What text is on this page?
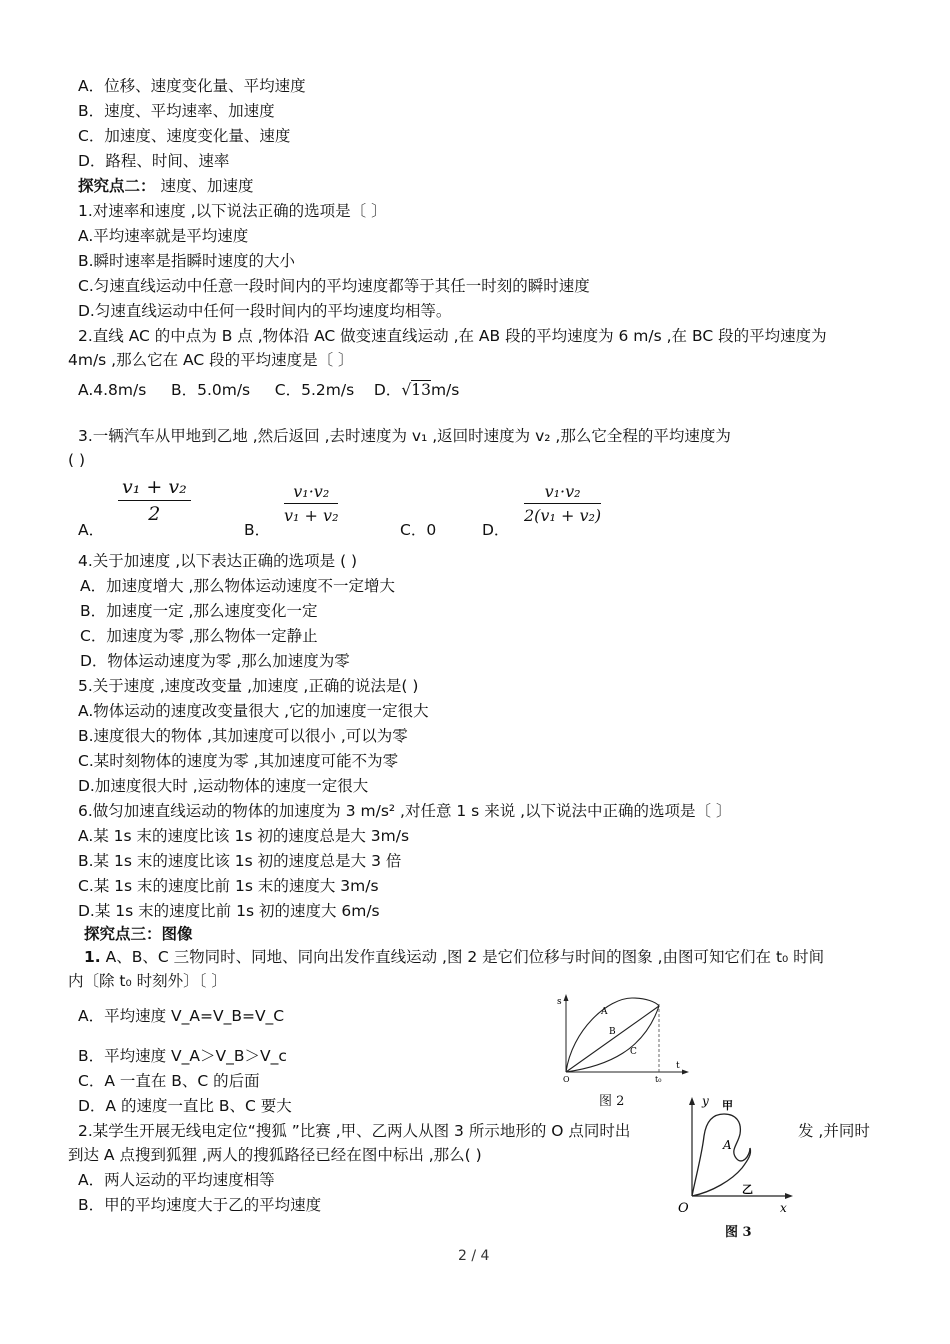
A．位移、速度变化量、平均速度
B．速度、平均速率、加速度
C．加速度、速度变化量、速度
D．路程、时间、速率
探究点二： 速度、加速度
1.对速率和速度 ,以下说法正确的选项是〔 〕
A.平均速率就是平均速度
B.瞬时速率是指瞬时速度的大小
C.匀速直线运动中任意一段时间内的平均速度都等于其任一时刻的瞬时速度
D.匀速直线运动中任何一段时间内的平均速度均相等。
2.直线 AC 的中点为 B 点 ,物体沿 AC 做变速直线运动 ,在 AB 段的平均速度为 6 m/s ,在 BC 段的平均速度为
4m/s ,那么它在 AC 段的平均速度是〔 〕
A.4.8m/s B．5.0m/s C．5.2m/s D．√13m/s
3.一辆汽车从甲地到乙地 ,然后返回 ,去时速度为 v₁ ,返回时速度为 v₂ ,那么它全程的平均速度为
( )
A．
v₁ + v₂
2
B．
v₁·v₂
v₁ + v₂
C．0	D．
v₁·v₂
2(v₁ + v₂)
4.关于加速度 ,以下表达正确的选项是 ( )
A．加速度增大 ,那么物体运动速度不一定增大
B．加速度一定 ,那么速度变化一定
C．加速度为零 ,那么物体一定静止
D．物体运动速度为零 ,那么加速度为零
5.关于速度 ,速度改变量 ,加速度 ,正确的说法是( )
A.物体运动的速度改变量很大 ,它的加速度一定很大
B.速度很大的物体 ,其加速度可以很小 ,可以为零
C.某时刻物体的速度为零 ,其加速度可能不为零
D.加速度很大时 ,运动物体的速度一定很大
6.做匀加速直线运动的物体的加速度为 3 m/s² ,对任意 1 s 来说 ,以下说法中正确的选项是〔 〕
A.某 1s 末的速度比该 1s 初的速度总是大 3m/s
B.某 1s 末的速度比该 1s 初的速度总是大 3 倍
C.某 1s 末的速度比前 1s 末的速度大 3m/s
D.某 1s 末的速度比前 1s 初的速度大 6m/s
探究点三：图像
1. A、B、C 三物同时、同地、同向出发作直线运动 ,图 2 是它们位移与时间的图象 ,由图可知它们在 t₀ 时间
内〔除 t₀ 时刻外〕〔 〕
A．平均速度 V_A=V_B=V_C
B．平均速度 V_A＞V_B＞V_c
C．A 一直在 B、C 的后面
D．A 的速度一直比 B、C 要大
s
t
O	t₀
A
B
C
图 2
2.某学生开展无线电定位“搜狐 ”比赛 ,甲、乙两人从图 3 所示地形的 O 点同时出	发 ,并同时
到达 A 点搜到狐狸 ,两人的搜狐路径已经在图中标出 ,那么( )
A．两人运动的平均速度相等
B．甲的平均速度大于乙的平均速度
y 甲
A
乙
O	x
图 3
2 / 4
